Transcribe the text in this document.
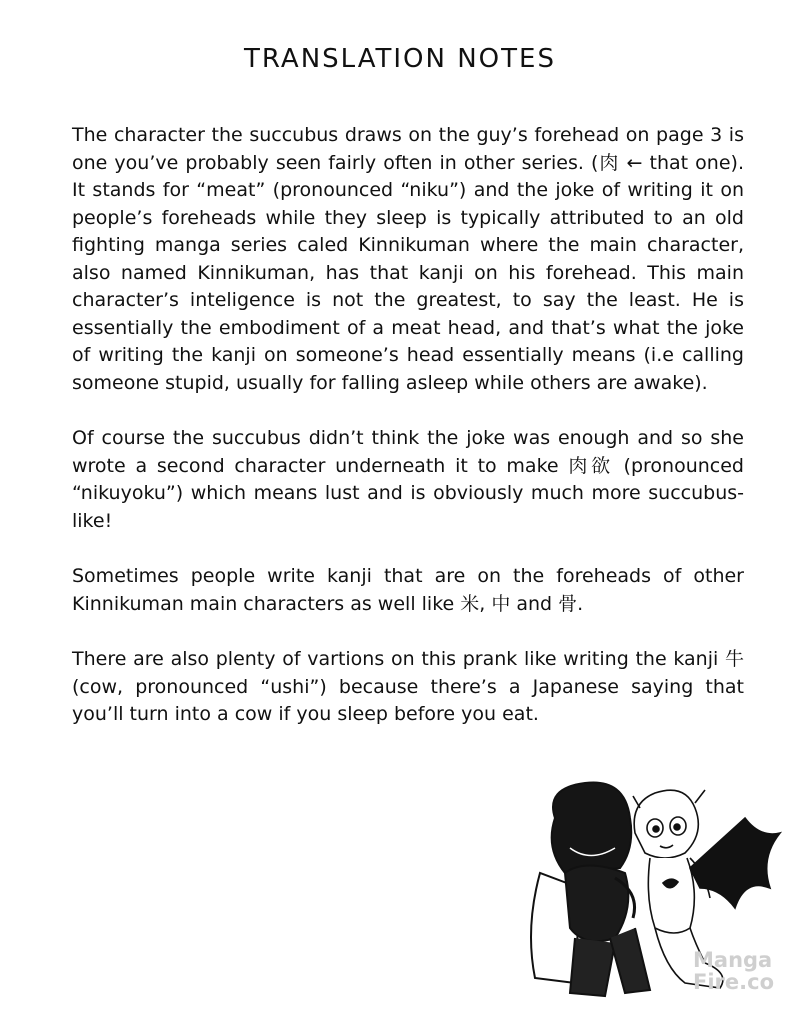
TRANSLATION NOTES

The character the succubus draws on the guy’s forehead on page 3 is one you’ve probably seen fairly often in other series. (肉 ← that one). It stands for “meat” (pronounced “niku”) and the joke of writing it on people’s foreheads while they sleep is typically attributed to an old fighting manga series caled Kinnikuman where the main character, also named Kinnikuman, has that kanji on his forehead. This main character’s inteligence is not the greatest, to say the least. He is essentially the embodiment of a meat head, and that’s what the joke of writing the kanji on someone’s head essentially means (i.e calling someone stupid, usually for falling asleep while others are awake).

Of course the succubus didn’t think the joke was enough and so she wrote a second character underneath it to make 肉欲 (pronounced “nikuyoku”) which means lust and is obviously much more succubus-like!

Sometimes people write kanji that are on the foreheads of other Kinnikuman main characters as well like 米, 中 and 骨.

There are also plenty of vartions on this prank like writing the kanji 牛 (cow, pronounced “ushi”) because there’s a Japanese saying that you’ll turn into a cow if you sleep before you eat.

Manga
Fire.co
